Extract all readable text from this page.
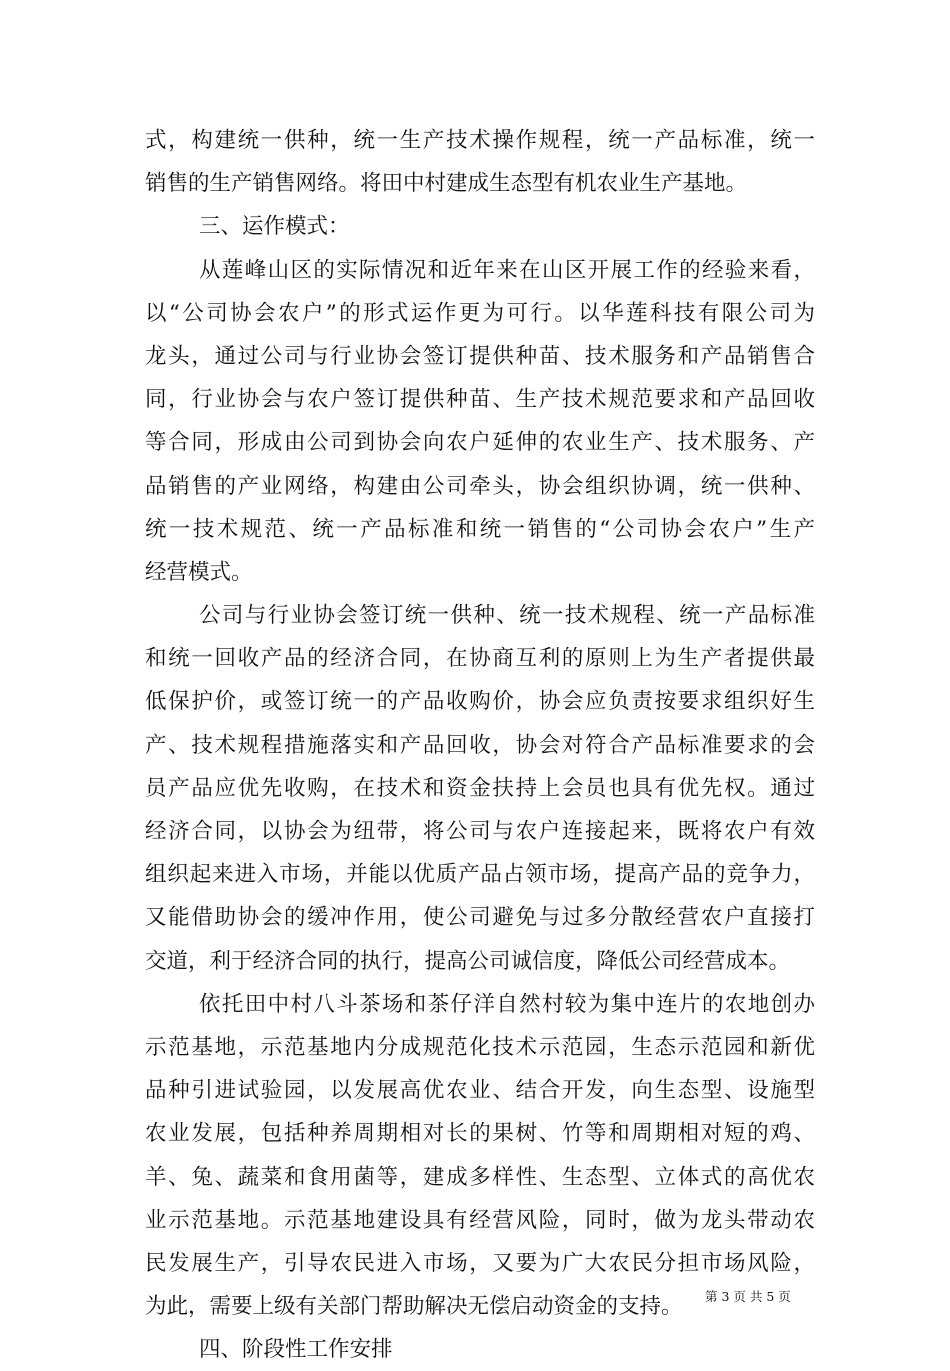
式，构建统一供种，统一生产技术操作规程，统一产品标准，统一
销售的生产销售网络。将田中村建成生态型有机农业生产基地。
三、运作模式：
从莲峰山区的实际情况和近年来在山区开展工作的经验来看，
以“公司协会农户”的形式运作更为可行。以华莲科技有限公司为
龙头，通过公司与行业协会签订提供种苗、技术服务和产品销售合
同，行业协会与农户签订提供种苗、生产技术规范要求和产品回收
等合同，形成由公司到协会向农户延伸的农业生产、技术服务、产
品销售的产业网络，构建由公司牵头，协会组织协调，统一供种、
统一技术规范、统一产品标准和统一销售的“公司协会农户”生产
经营模式。
公司与行业协会签订统一供种、统一技术规程、统一产品标准
和统一回收产品的经济合同，在协商互利的原则上为生产者提供最
低保护价，或签订统一的产品收购价，协会应负责按要求组织好生
产、技术规程措施落实和产品回收，协会对符合产品标准要求的会
员产品应优先收购，在技术和资金扶持上会员也具有优先权。通过
经济合同，以协会为纽带，将公司与农户连接起来，既将农户有效
组织起来进入市场，并能以优质产品占领市场，提高产品的竞争力，
又能借助协会的缓冲作用，使公司避免与过多分散经营农户直接打
交道，利于经济合同的执行，提高公司诚信度，降低公司经营成本。
依托田中村八斗茶场和茶仔洋自然村较为集中连片的农地创办
示范基地，示范基地内分成规范化技术示范园，生态示范园和新优
品种引进试验园，以发展高优农业、结合开发，向生态型、设施型
农业发展，包括种养周期相对长的果树、竹等和周期相对短的鸡、
羊、兔、蔬菜和食用菌等，建成多样性、生态型、立体式的高优农
业示范基地。示范基地建设具有经营风险，同时，做为龙头带动农
民发展生产，引导农民进入市场，又要为广大农民分担市场风险，
为此，需要上级有关部门帮助解决无偿启动资金的支持。
四、阶段性工作安排
第 3 页 共 5 页
